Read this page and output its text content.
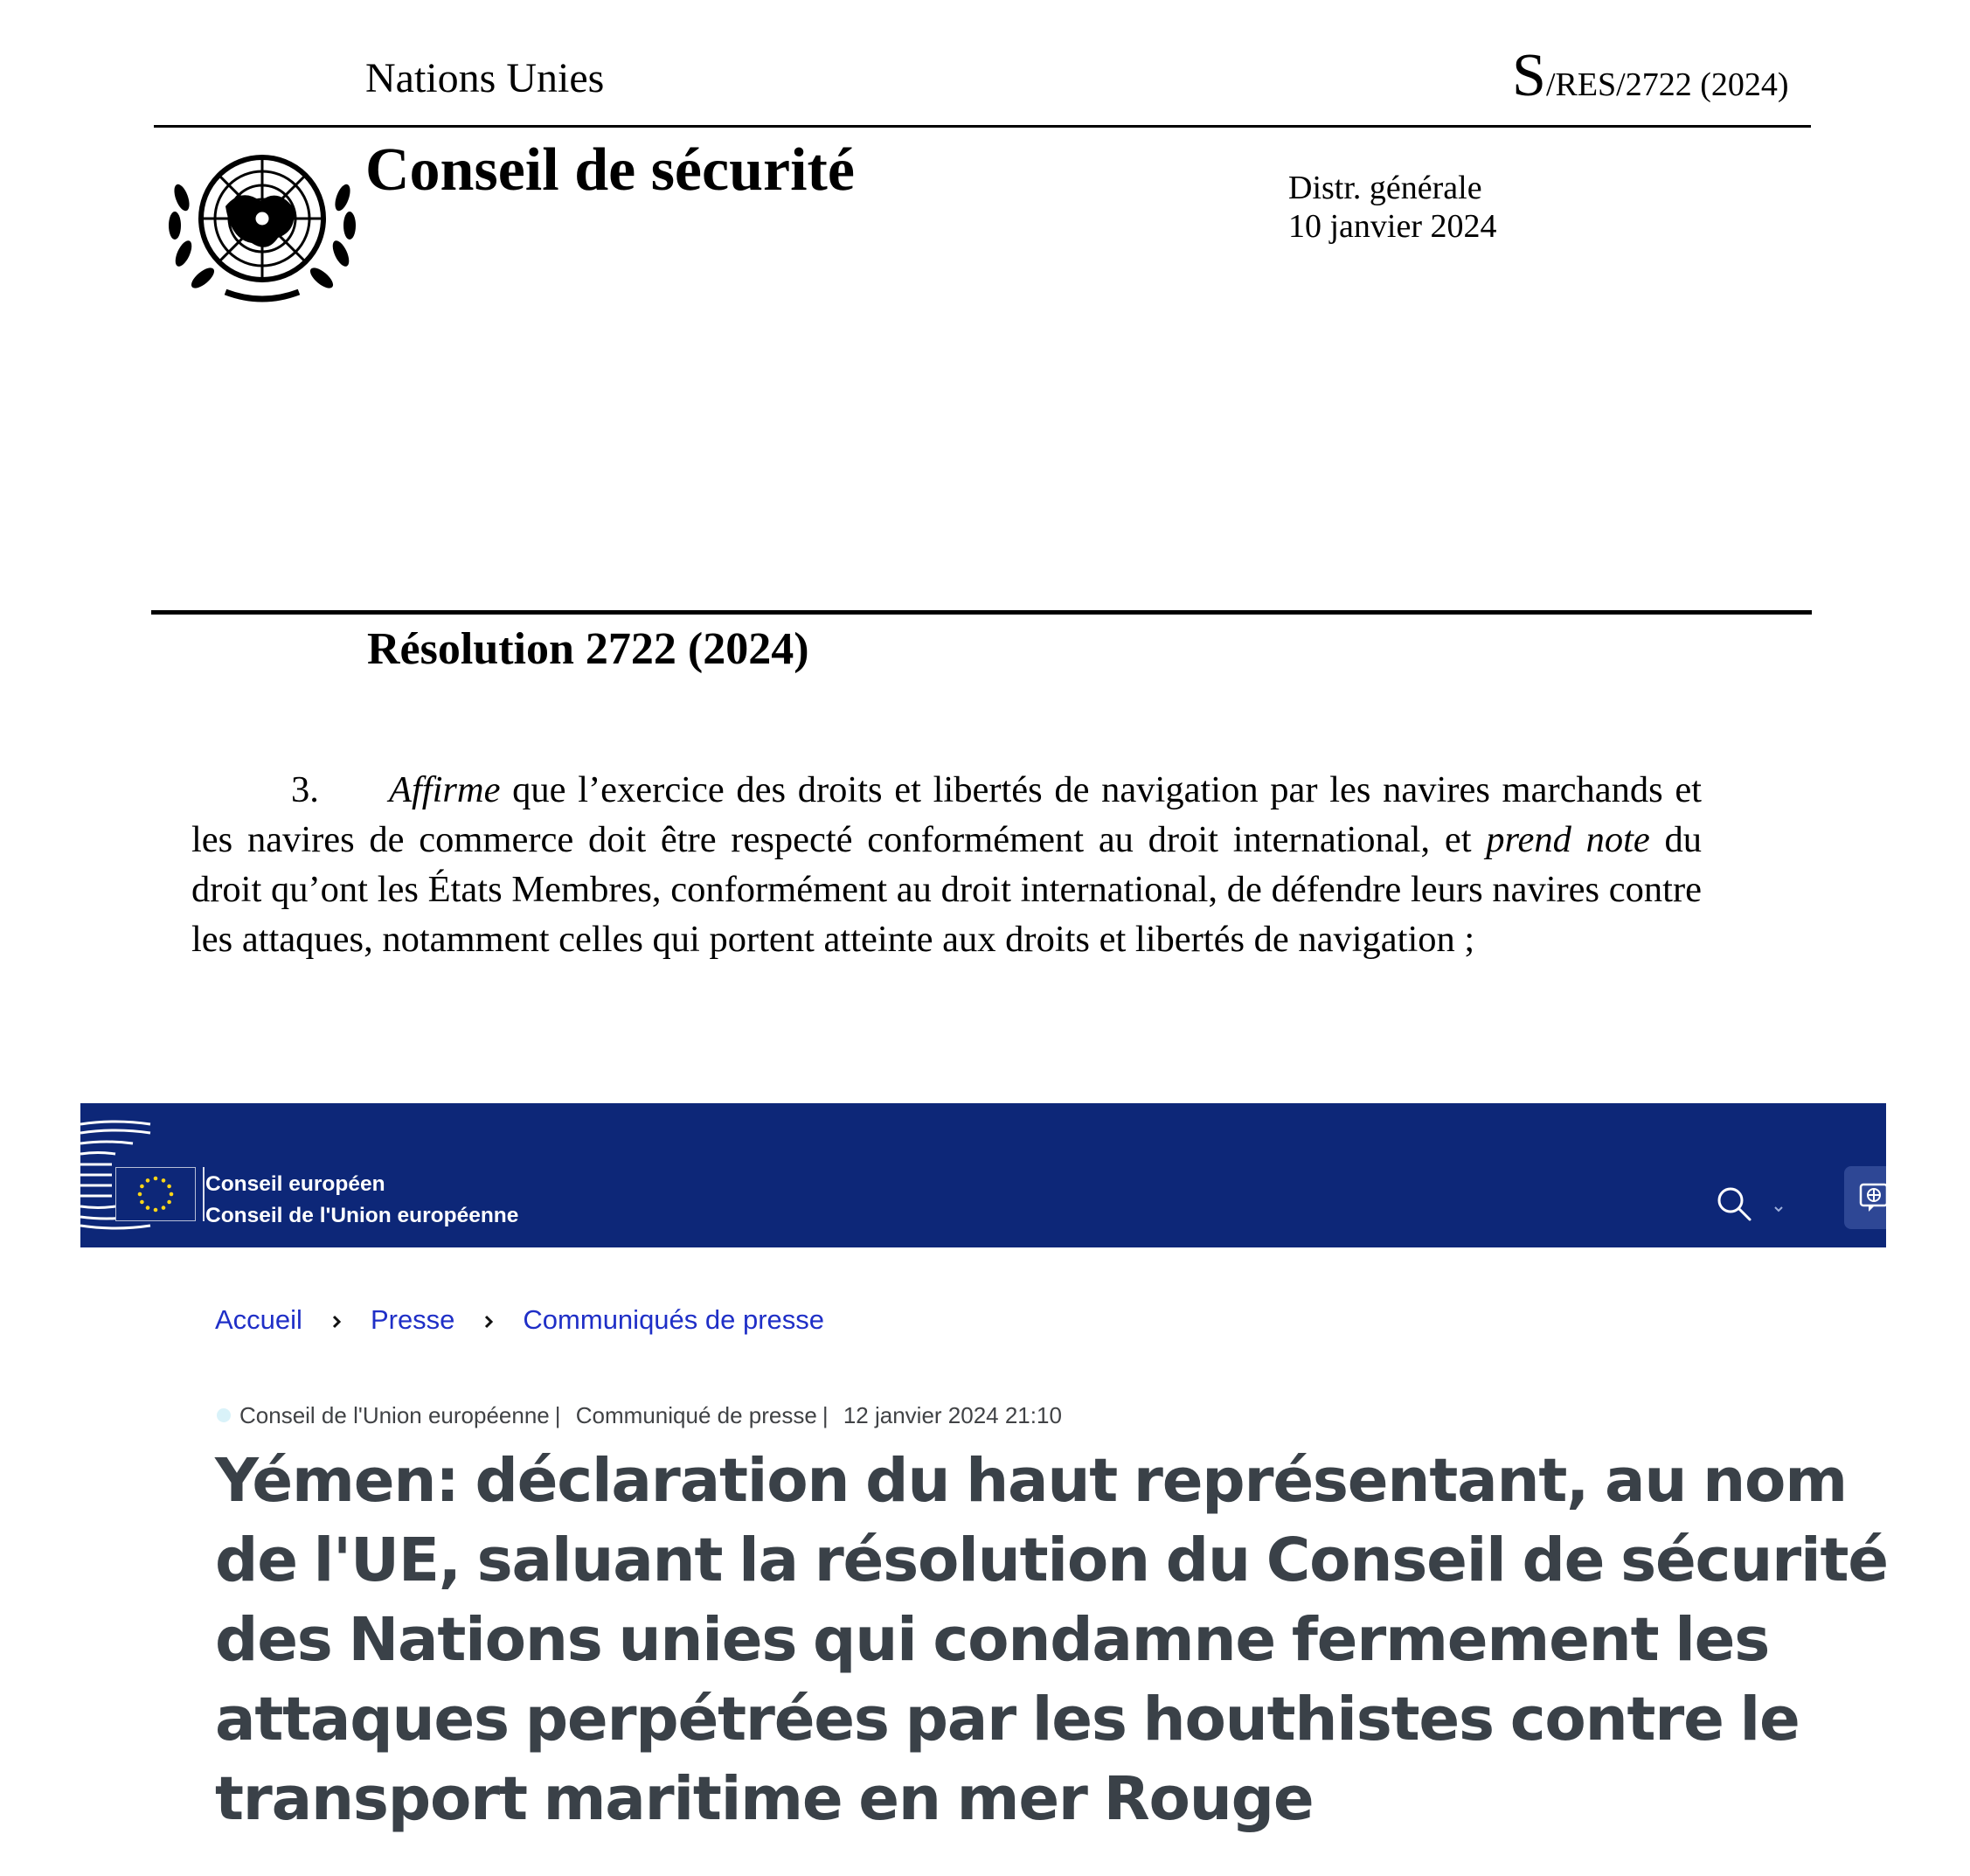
Nations Unies	S/RES/2722 (2024)
Conseil de sécurité	Distr. générale
10 janvier 2024
Résolution 2722 (2024)
3. Affirme que l’exercice des droits et libertés de navigation par les navires marchands et les navires de commerce doit être respecté conformément au droit international, et prend note du droit qu’ont les États Membres, conformément au droit international, de défendre leurs navires contre les attaques, notamment celles qui portent atteinte aux droits et libertés de navigation ;
Conseil européen
Conseil de l'Union européenne
Accueil	Presse	Communiqués de presse
Conseil de l'Union européenne | Communiqué de presse | 12 janvier 2024 21:10
Yémen: déclaration du haut représentant, au nom de l'UE, saluant la résolution du Conseil de sécurité des Nations unies qui condamne fermement les attaques perpétrées par les houthistes contre le transport maritime en mer Rouge
